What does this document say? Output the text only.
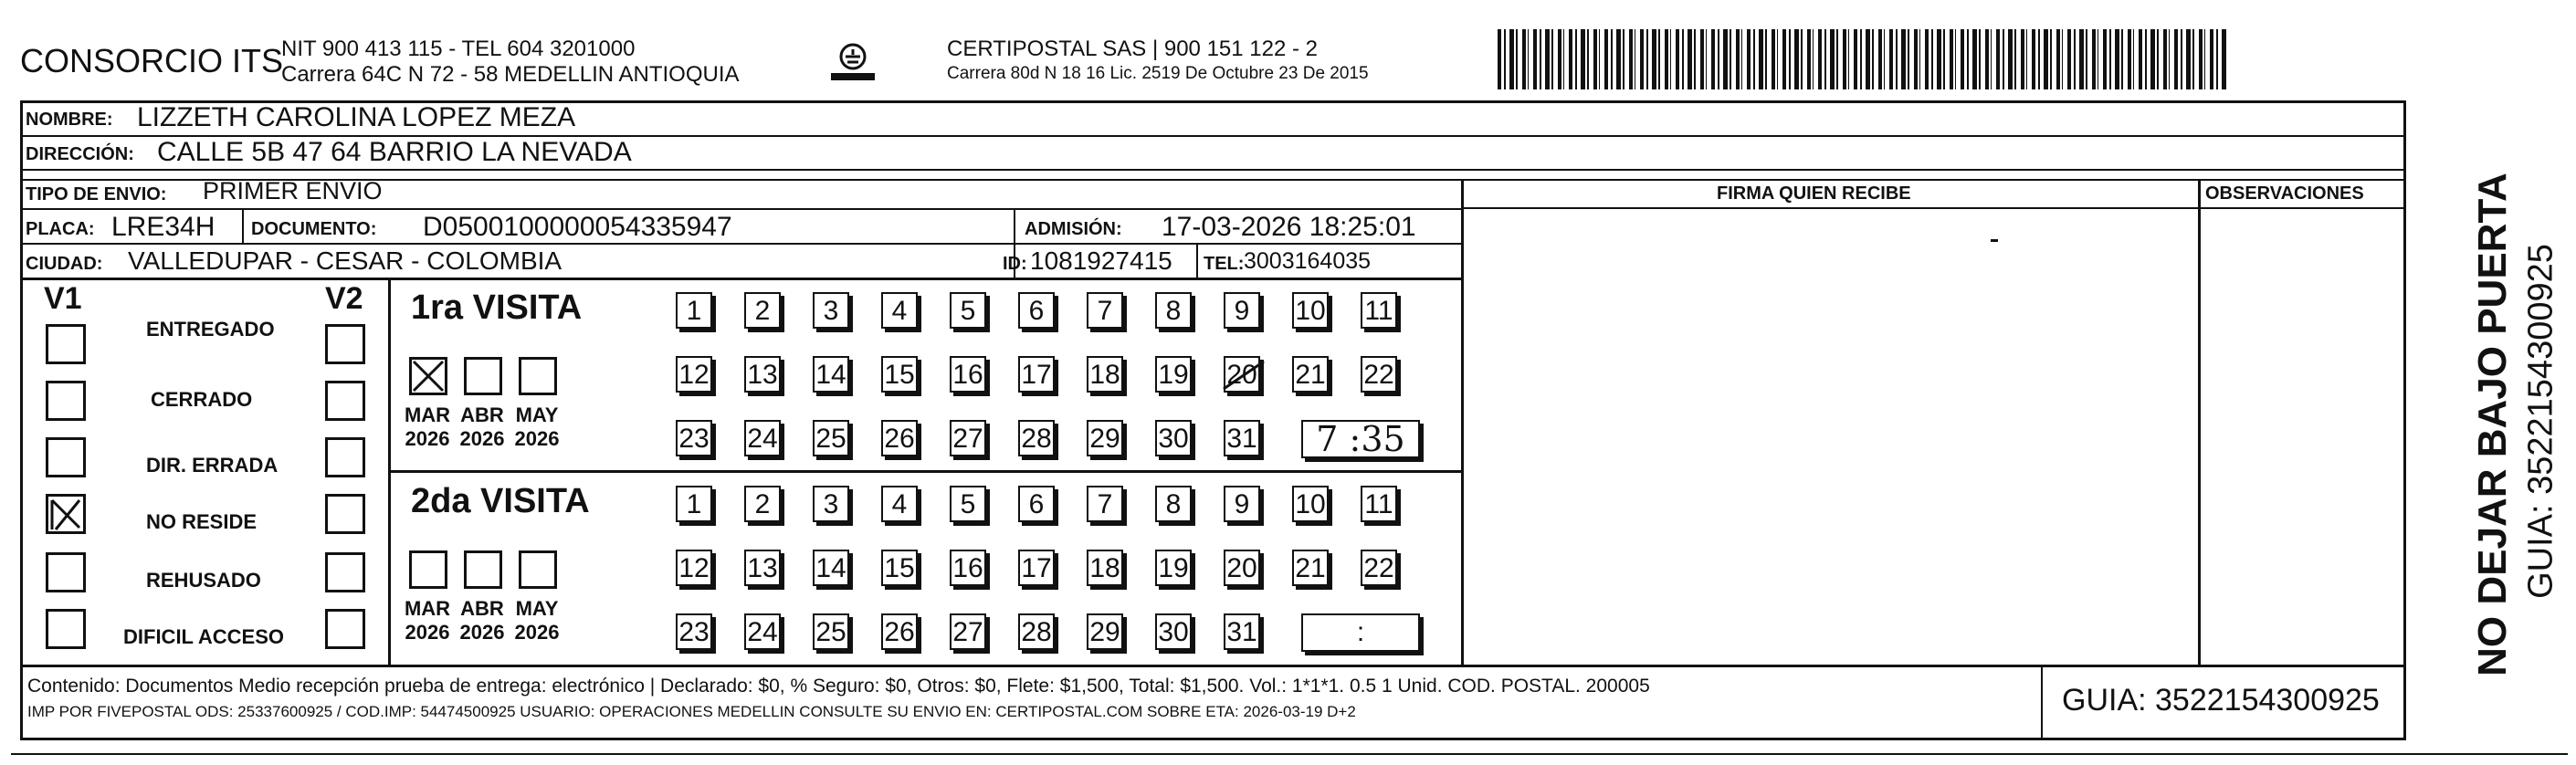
CONSORCIO ITS
NIT 900 413 115 - TEL 604 3201000
Carrera 64C N 72 - 58 MEDELLIN ANTIOQUIA
CERTIPOSTAL SAS | 900 151 122 - 2
Carrera 80d N 18 16 Lic. 2519 De Octubre 23 De 2015
NOMBRE: LIZZETH CAROLINA LOPEZ MEZA
DIRECCIÓN: CALLE 5B 47 64 BARRIO LA NEVADA
TIPO DE ENVIO: PRIMER ENVIO
PLACA: LRE34H DOCUMENTO: D0500100000054335947	ADMISIÓN: 17-03-2026 18:25:01
CIUDAD: VALLEDUPAR - CESAR - COLOMBIA	ID: 1081927415 TEL: 3003164035
FIRMA QUIEN RECIBE	OBSERVACIONES
V1	V2
ENTREGADO
CERRADO
DIR. ERRADA
NO RESIDE
REHUSADO
DIFICIL ACCESO
1ra VISITA
MAR
2026
ABR
2026
MAY
2026
1	2	3	4	5	6	7	8	9	10 11
12 13 14 15 16 17 18 19 20 21 22
23 24 25 26 27 28 29 30 31	7 :35
2da VISITA
MAR
2026
ABR
2026
MAY
2026
1	2	3	4	5	6	7	8	9	10 11
12 13 14 15 16 17 18 19 20 21 22
23 24 25 26 27 28 29 30 31	:
Contenido: Documentos Medio recepción prueba de entrega: electrónico | Declarado: $0, % Seguro: $0, Otros: $0, Flete: $1,500, Total: $1,500. Vol.: 1*1*1. 0.5 1 Unid. COD. POSTAL. 200005
IMP POR FIVEPOSTAL ODS: 25337600925 / COD.IMP: 54474500925 USUARIO: OPERACIONES MEDELLIN CONSULTE SU ENVIO EN: CERTIPOSTAL.COM SOBRE ETA: 2026-03-19 D+2	GUIA: 3522154300925
NO DEJAR BAJO PUERTA GUIA: 3522154300925
